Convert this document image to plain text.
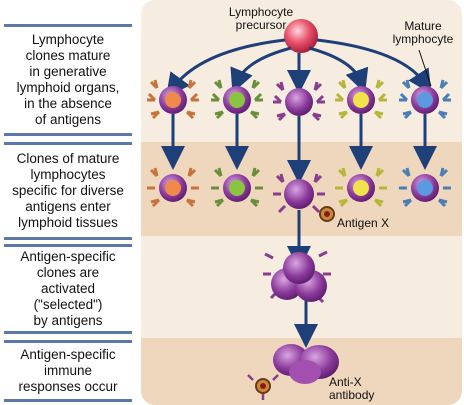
Lymphocyte
clones mature
in generative
lymphoid organs,
in the absence
of antigens
Clones of mature
lymphocytes
specific for diverse
antigens enter
lymphoid tissues
Antigen-specific
clones are
activated
("selected")
by antigens
Antigen-specific
immune
responses occur
Lymphocyte
precursor	Mature
lymphocyte
Antigen X
Anti-X
antibody
